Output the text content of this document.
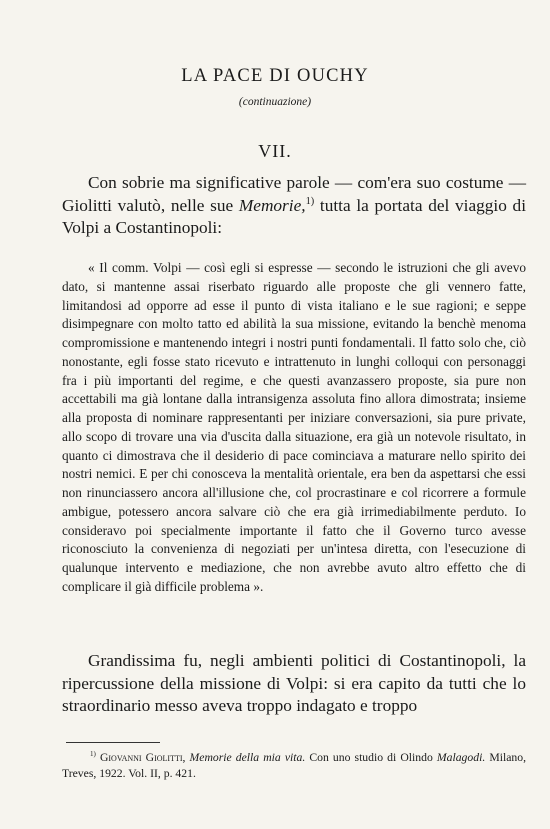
LA PACE DI OUCHY
(continuazione)
VII.

Con sobrie ma significative parole — com'era suo costume — Giolitti valutò, nelle sue Memorie,$^{1)}$ tutta la portata del viaggio di Volpi a Costantinopoli:

« Il comm. Volpi — così egli si espresse — secondo le istruzioni che gli avevo dato, si mantenne assai riserbato riguardo alle proposte che gli vennero fatte, limitandosi ad opporre ad esse il punto di vista italiano e le sue ragioni; e seppe disimpegnare con molto tatto ed abilità la sua missione, evitando la benchè menoma compromissione e mantenendo integri i nostri punti fondamentali. Il fatto solo che, ciò nonostante, egli fosse stato ricevuto e intrattenuto in lunghi colloqui con personaggi fra i più importanti del regime, e che questi avanzassero proposte, sia pure non accettabili ma già lontane dalla intransigenza assoluta fino allora dimostrata; insieme alla proposta di nominare rappresentanti per iniziare conversazioni, sia pure private, allo scopo di trovare una via d'uscita dalla situazione, era già un notevole risultato, in quanto ci dimostrava che il desiderio di pace cominciava a maturare nello spirito dei nostri nemici. E per chi conosceva la mentalità orientale, era ben da aspettarsi che essi non rinunciassero ancora all'illusione che, col procrastinare e col ricorrere a formule ambigue, potessero ancora salvare ciò che era già irrimediabilmente perduto. Io consideravo poi specialmente importante il fatto che il Governo turco avesse riconosciuto la convenienza di negoziati per un'intesa diretta, con l'esecuzione di qualunque intervento e mediazione, che non avrebbe avuto altro effetto che di complicare il già difficile problema ».

Grandissima fu, negli ambienti politici di Costantinopoli, la ripercussione della missione di Volpi: si era capito da tutti che lo straordinario messo aveva troppo indagato e troppo

$^{1)}$ Giovanni Giolitti, Memorie della mia vita. Con uno studio di Olindo Malagodi. Milano, Treves, 1922. Vol. II, p. 421.
